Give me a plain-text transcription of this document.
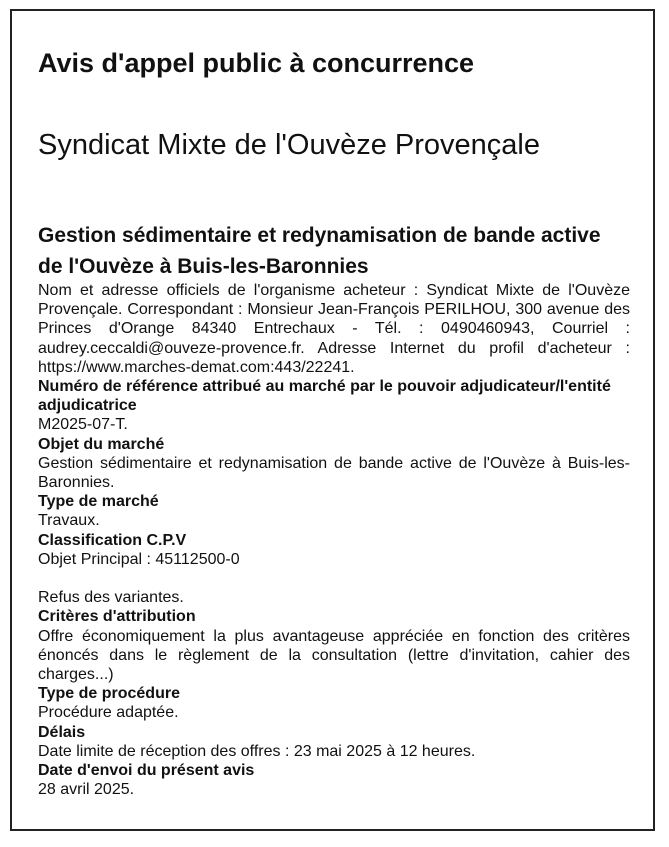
Avis d'appel public à concurrence
Syndicat Mixte de l'Ouvèze Provençale
Gestion sédimentaire et redynamisation de bande active de l'Ouvèze à Buis-les-Baronnies

Nom et adresse officiels de l'organisme acheteur : Syndicat Mixte de l'Ouvèze Provençale. Correspondant : Monsieur Jean-François PERILHOU, 300 avenue des Princes d'Orange 84340 Entrechaux - Tél. : 0490460943, Courriel : audrey.ceccaldi@ouveze-provence.fr. Adresse Internet du profil d'acheteur : https://www.marches-demat.com:443/22241.

Numéro de référence attribué au marché par le pouvoir adjudicateur/l'entité adjudicatrice

M2025-07-T.

Objet du marché

Gestion sédimentaire et redynamisation de bande active de l'Ouvèze à Buis-les-Baronnies.

Type de marché

Travaux.

Classification C.P.V

Objet Principal : 45112500-0

Refus des variantes.

Critères d'attribution

Offre économiquement la plus avantageuse appréciée en fonction des critères énoncés dans le règlement de la consultation (lettre d'invitation, cahier des charges...)

Type de procédure

Procédure adaptée.

Délais

Date limite de réception des offres : 23 mai 2025 à 12 heures.

Date d'envoi du présent avis

28 avril 2025.
